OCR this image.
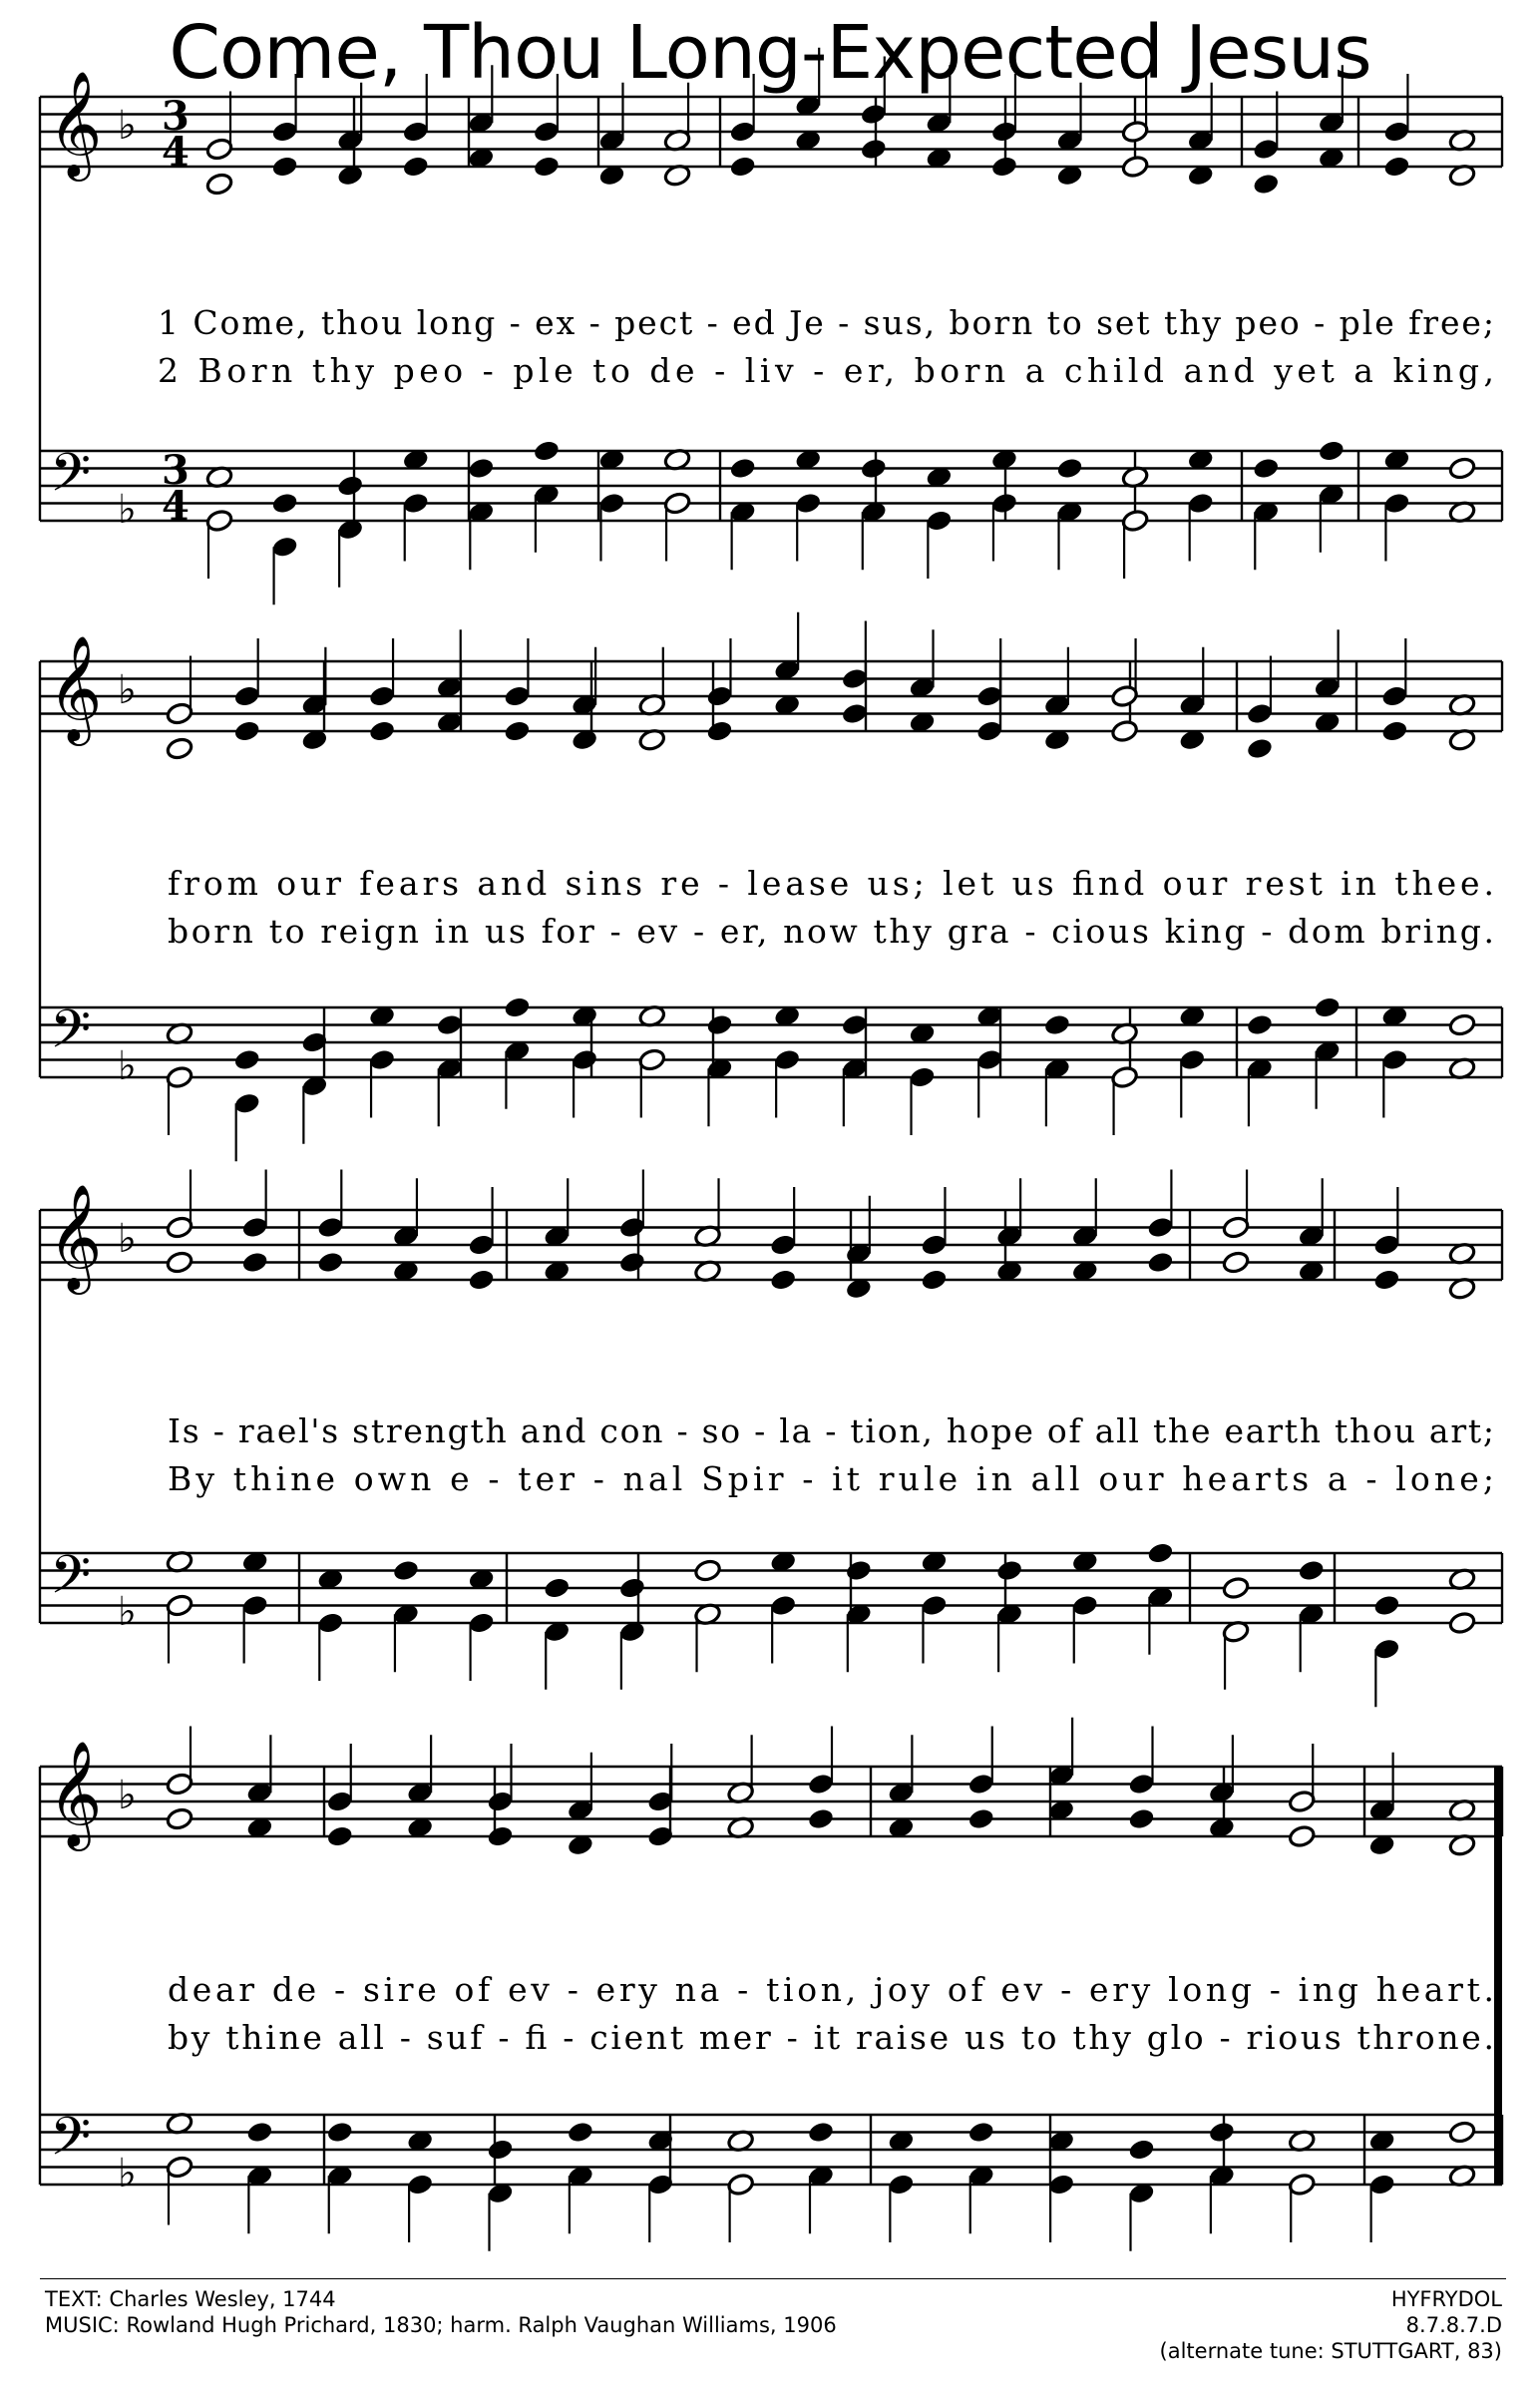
Come, Thou Long-Expected Jesus
𝄞
𝄢
♭
♭
3
4
3
4
1 Come, thou long - ex - pect - ed Je - sus, born to set thy peo - ple free;
2 Born thy peo - ple to de - liv - er, born a child and yet a king,
𝄞
𝄢
♭
♭
from our fears and sins re - lease us; let us find our rest in thee.
born to reign in us for - ev - er, now thy gra - cious king - dom bring.
𝄞
𝄢
♭
♭
Is - rael's strength and con - so - la - tion, hope of all the earth thou art;
By thine own e - ter - nal Spir - it rule in all our hearts a - lone;
𝄞
𝄢
♭
♭
dear de - sire of ev - ery na - tion, joy of ev - ery long - ing heart.
by thine all - suf - fi - cient mer - it raise us to thy glo - rious throne.
TEXT: Charles Wesley, 1744
MUSIC: Rowland Hugh Prichard, 1830; harm. Ralph Vaughan Williams, 1906
HYFRYDOL
8.7.8.7.D
(alternate tune: STUTTGART, 83)
